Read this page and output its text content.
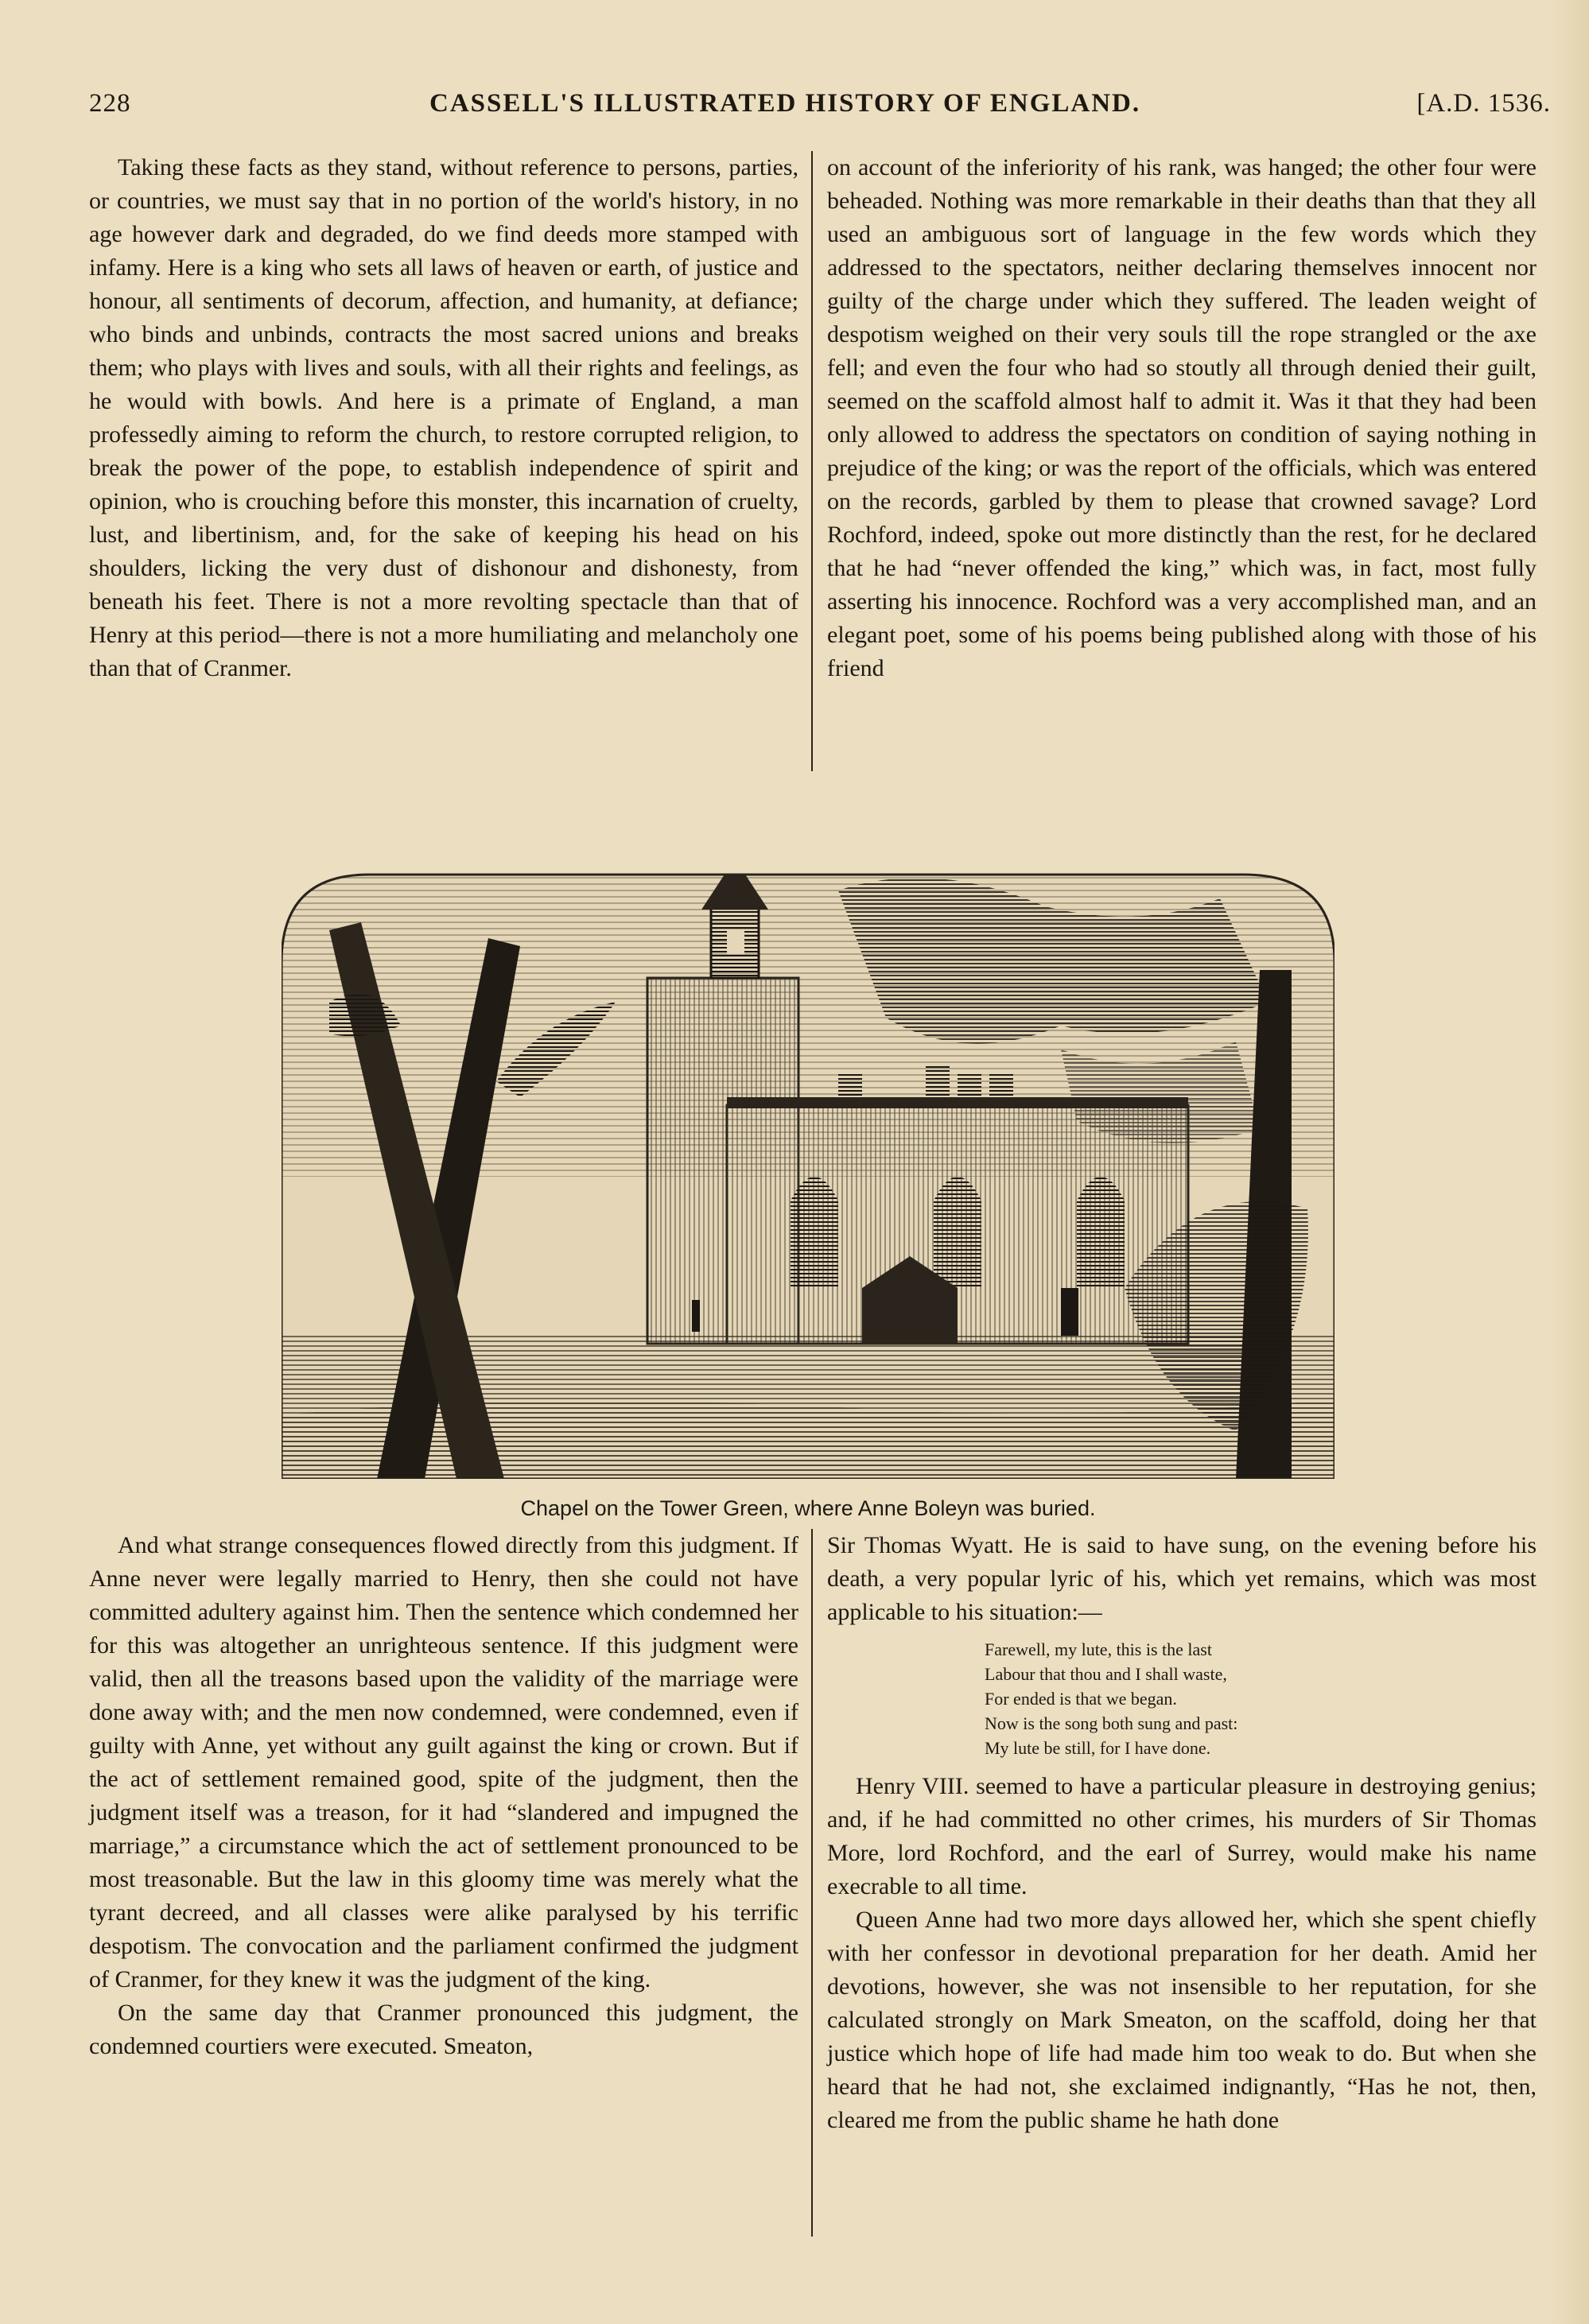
228	CASSELL'S ILLUSTRATED HISTORY OF ENGLAND.	[A.D. 1536.

Taking these facts as they stand, without reference to persons, parties, or countries, we must say that in no portion of the world's history, in no age however dark and degraded, do we find deeds more stamped with infamy. Here is a king who sets all laws of heaven or earth, of justice and honour, all sentiments of decorum, affection, and humanity, at defiance; who binds and unbinds, contracts the most sacred unions and breaks them; who plays with lives and souls, with all their rights and feelings, as he would with bowls. And here is a primate of England, a man professedly aiming to reform the church, to restore corrupted religion, to break the power of the pope, to establish independence of spirit and opinion, who is crouching before this monster, this incarnation of cruelty, lust, and libertinism, and, for the sake of keeping his head on his shoulders, licking the very dust of dishonour and dishonesty, from beneath his feet. There is not a more revolting spectacle than that of Henry at this period—there is not a more humiliating and melancholy one than that of Cranmer.

on account of the inferiority of his rank, was hanged; the other four were beheaded. Nothing was more remarkable in their deaths than that they all used an ambiguous sort of language in the few words which they addressed to the spectators, neither declaring themselves innocent nor guilty of the charge under which they suffered. The leaden weight of despotism weighed on their very souls till the rope strangled or the axe fell; and even the four who had so stoutly all through denied their guilt, seemed on the scaffold almost half to admit it. Was it that they had been only allowed to address the spectators on condition of saying nothing in prejudice of the king; or was the report of the officials, which was entered on the records, garbled by them to please that crowned savage? Lord Rochford, indeed, spoke out more distinctly than the rest, for he declared that he had “never offended the king,” which was, in fact, most fully asserting his innocence. Rochford was a very accomplished man, and an elegant poet, some of his poems being published along with those of his friend

Chapel on the Tower Green, where Anne Boleyn was buried.

And what strange consequences flowed directly from this judgment. If Anne never were legally married to Henry, then she could not have committed adultery against him. Then the sentence which condemned her for this was altogether an unrighteous sentence. If this judgment were valid, then all the treasons based upon the validity of the marriage were done away with; and the men now condemned, were condemned, even if guilty with Anne, yet without any guilt against the king or crown. But if the act of settlement remained good, spite of the judgment, then the judgment itself was a treason, for it had “slandered and impugned the marriage,” a circumstance which the act of settlement pronounced to be most treasonable. But the law in this gloomy time was merely what the tyrant decreed, and all classes were alike paralysed by his terrific despotism. The convocation and the parliament confirmed the judgment of Cranmer, for they knew it was the judgment of the king.

On the same day that Cranmer pronounced this judgment, the condemned courtiers were executed. Smeaton,

Sir Thomas Wyatt. He is said to have sung, on the evening before his death, a very popular lyric of his, which yet remains, which was most applicable to his situation:—

Farewell, my lute, this is the last
Labour that thou and I shall waste,
For ended is that we began.
Now is the song both sung and past:
My lute be still, for I have done.

Henry VIII. seemed to have a particular pleasure in destroying genius; and, if he had committed no other crimes, his murders of Sir Thomas More, lord Rochford, and the earl of Surrey, would make his name execrable to all time.

Queen Anne had two more days allowed her, which she spent chiefly with her confessor in devotional preparation for her death. Amid her devotions, however, she was not insensible to her reputation, for she calculated strongly on Mark Smeaton, on the scaffold, doing her that justice which hope of life had made him too weak to do. But when she heard that he had not, she exclaimed indignantly, “Has he not, then, cleared me from the public shame he hath done
